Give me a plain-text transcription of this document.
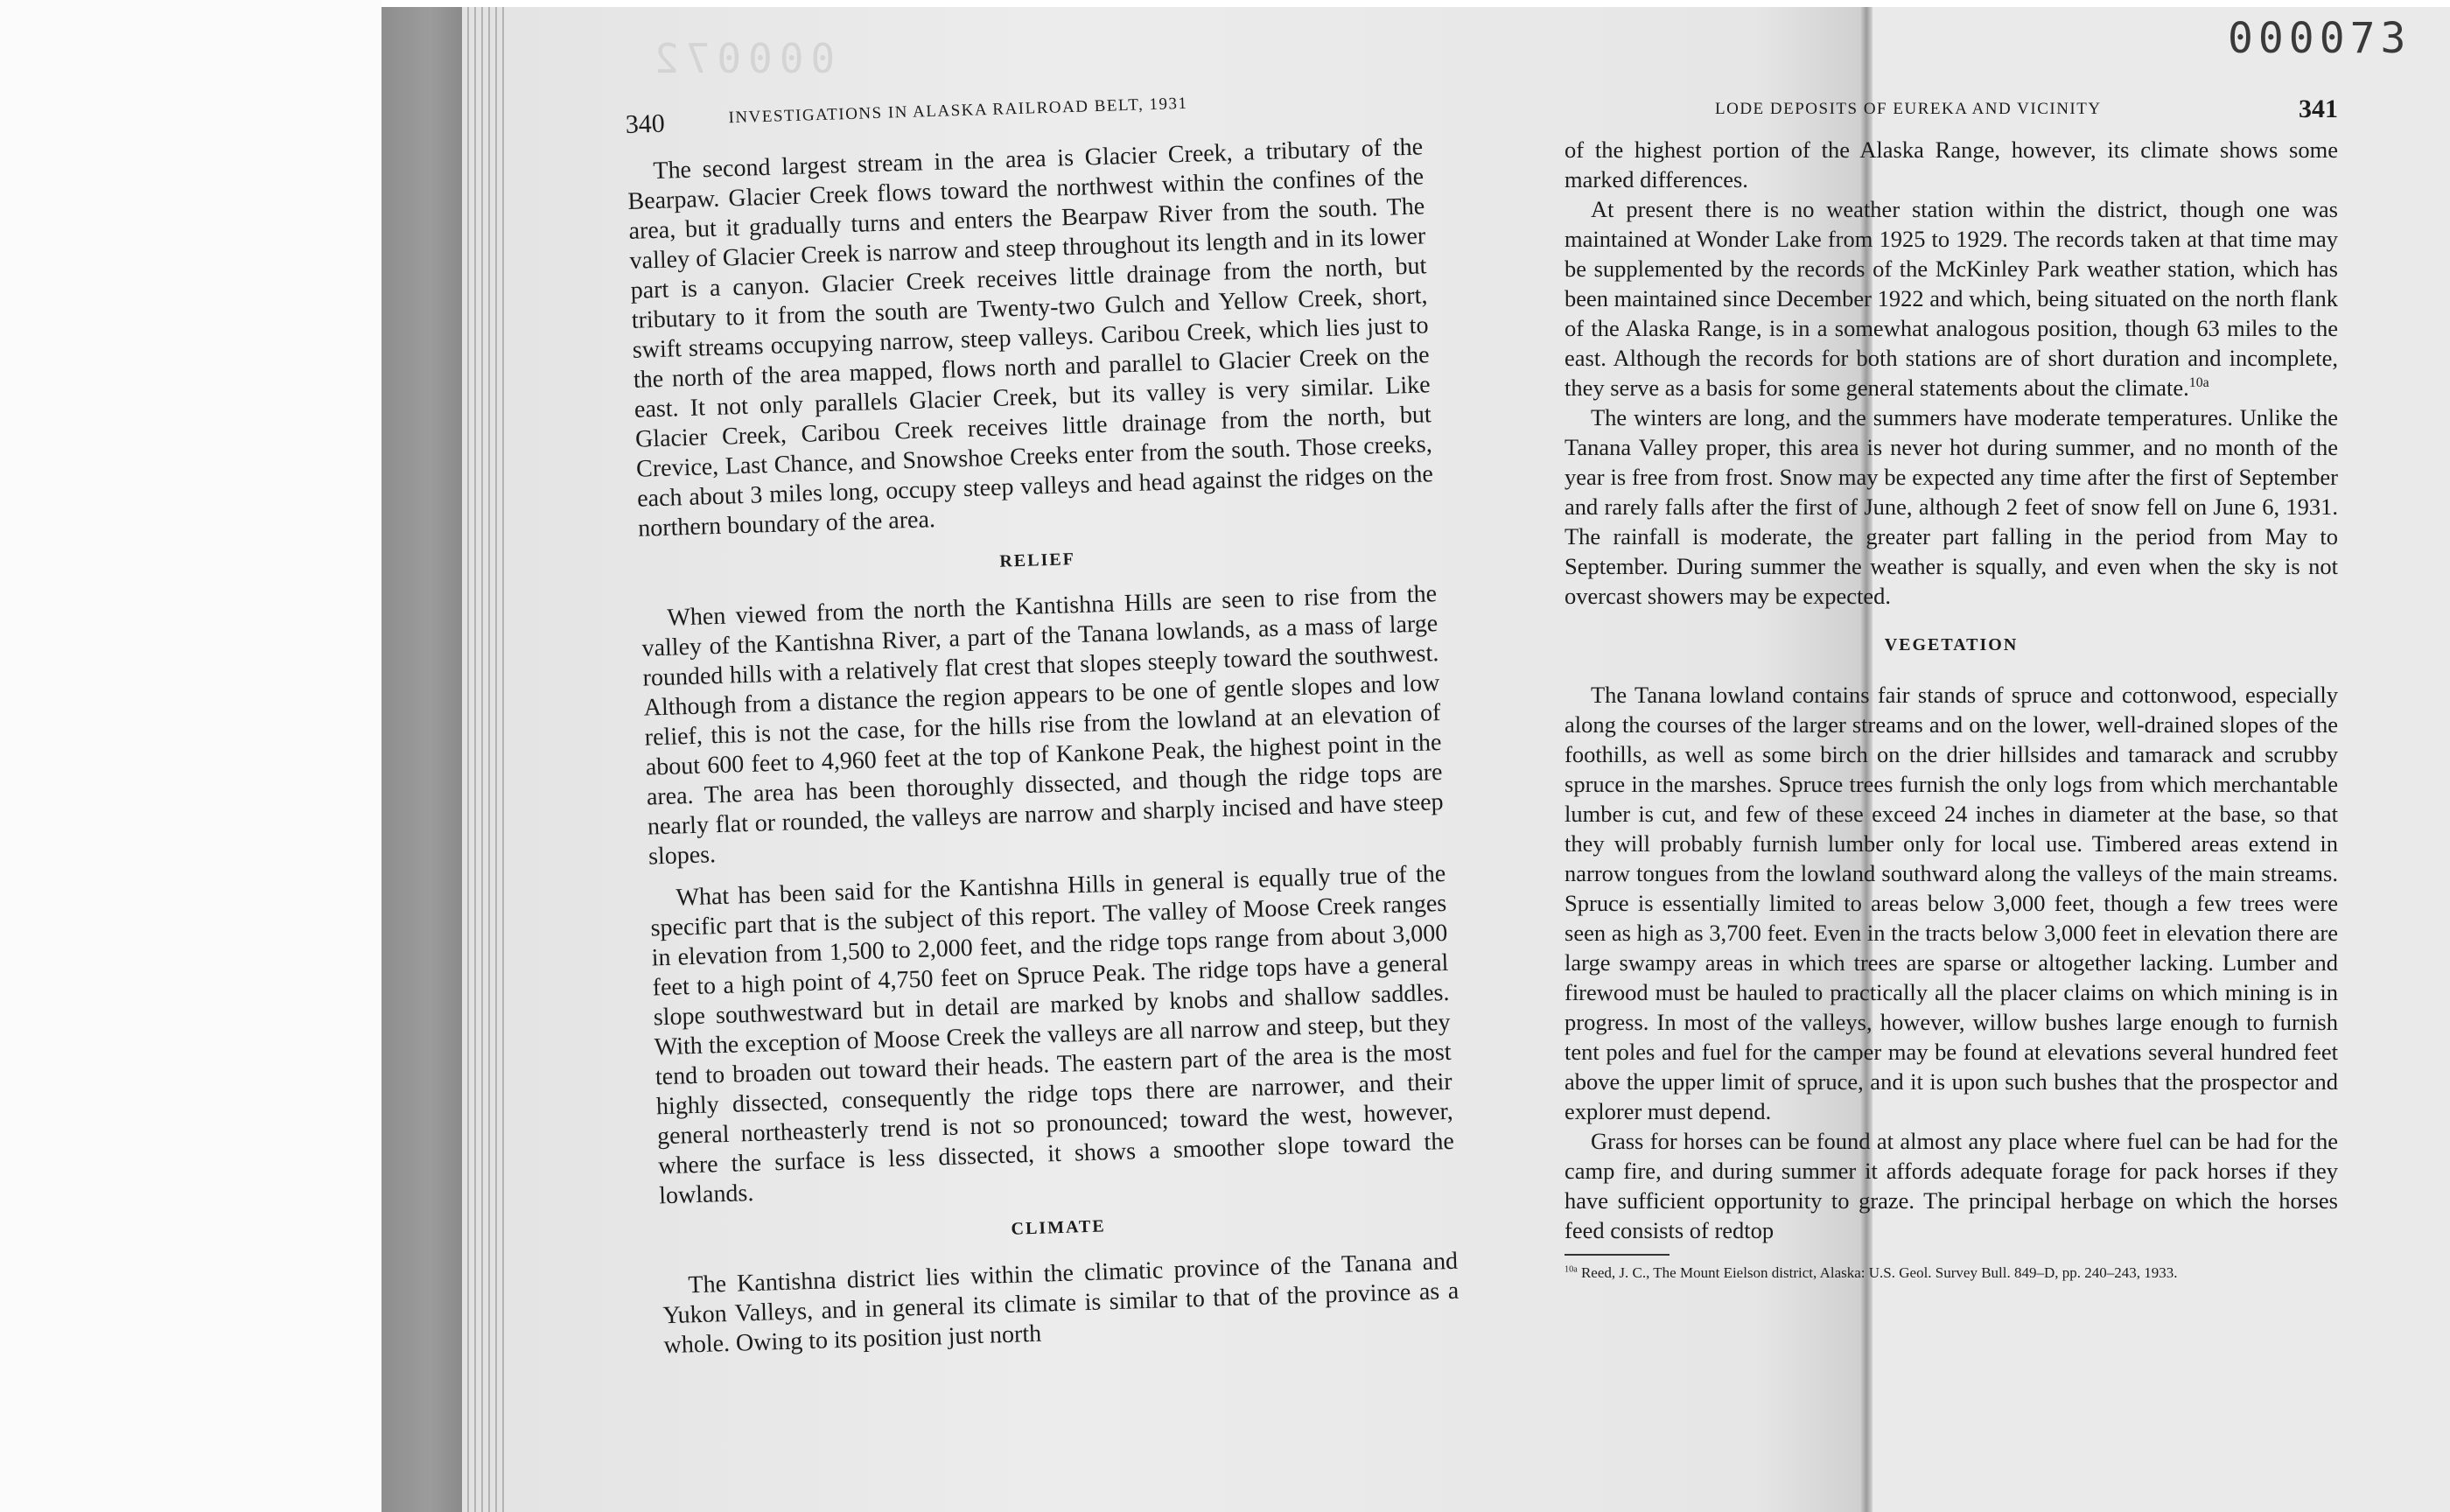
000072	000073
340	INVESTIGATIONS IN ALASKA RAILROAD BELT, 1931

The second largest stream in the area is Glacier Creek, a tributary of the Bearpaw. Glacier Creek flows toward the northwest within the confines of the area, but it gradually turns and enters the Bearpaw River from the south. The valley of Glacier Creek is narrow and steep throughout its length and in its lower part is a canyon. Glacier Creek receives little drainage from the north, but tributary to it from the south are Twenty-two Gulch and Yellow Creek, short, swift streams occupying narrow, steep valleys. Caribou Creek, which lies just to the north of the area mapped, flows north and parallel to Glacier Creek on the east. It not only parallels Glacier Creek, but its valley is very similar. Like Glacier Creek, Caribou Creek receives little drainage from the north, but Crevice, Last Chance, and Snowshoe Creeks enter from the south. Those creeks, each about 3 miles long, occupy steep valleys and head against the ridges on the northern boundary of the area.

RELIEF

When viewed from the north the Kantishna Hills are seen to rise from the valley of the Kantishna River, a part of the Tanana lowlands, as a mass of large rounded hills with a relatively flat crest that slopes steeply toward the southwest. Although from a distance the region appears to be one of gentle slopes and low relief, this is not the case, for the hills rise from the lowland at an elevation of about 600 feet to 4,960 feet at the top of Kankone Peak, the highest point in the area. The area has been thoroughly dissected, and though the ridge tops are nearly flat or rounded, the valleys are narrow and sharply incised and have steep slopes.

What has been said for the Kantishna Hills in general is equally true of the specific part that is the subject of this report. The valley of Moose Creek ranges in elevation from 1,500 to 2,000 feet, and the ridge tops range from about 3,000 feet to a high point of 4,750 feet on Spruce Peak. The ridge tops have a general slope southwestward but in detail are marked by knobs and shallow saddles. With the exception of Moose Creek the valleys are all narrow and steep, but they tend to broaden out toward their heads. The eastern part of the area is the most highly dissected, consequently the ridge tops there are narrower, and their general northeasterly trend is not so pronounced; toward the west, however, where the surface is less dissected, it shows a smoother slope toward the lowlands.

CLIMATE

The Kantishna district lies within the climatic province of the Tanana and Yukon Valleys, and in general its climate is similar to that of the province as a whole. Owing to its position just north

LODE DEPOSITS OF EUREKA AND VICINITY	341

of the highest portion of the Alaska Range, however, its climate shows some marked differences.

At present there is no weather station within the district, though one was maintained at Wonder Lake from 1925 to 1929. The records taken at that time may be supplemented by the records of the McKinley Park weather station, which has been maintained since December 1922 and which, being situated on the north flank of the Alaska Range, is in a somewhat analogous position, though 63 miles to the east. Although the records for both stations are of short duration and incomplete, they serve as a basis for some general statements about the climate.$^{10a}$

The winters are long, and the summers have moderate temperatures. Unlike the Tanana Valley proper, this area is never hot during summer, and no month of the year is free from frost. Snow may be expected any time after the first of September and rarely falls after the first of June, although 2 feet of snow fell on June 6, 1931. The rainfall is moderate, the greater part falling in the period from May to September. During summer the weather is squally, and even when the sky is not overcast showers may be expected.

VEGETATION

The Tanana lowland contains fair stands of spruce and cottonwood, especially along the courses of the larger streams and on the lower, well-drained slopes of the foothills, as well as some birch on the drier hillsides and tamarack and scrubby spruce in the marshes. Spruce trees furnish the only logs from which merchantable lumber is cut, and few of these exceed 24 inches in diameter at the base, so that they will probably furnish lumber only for local use. Timbered areas extend in narrow tongues from the lowland southward along the valleys of the main streams. Spruce is essentially limited to areas below 3,000 feet, though a few trees were seen as high as 3,700 feet. Even in the tracts below 3,000 feet in elevation there are large swampy areas in which trees are sparse or altogether lacking. Lumber and firewood must be hauled to practically all the placer claims on which mining is in progress. In most of the valleys, however, willow bushes large enough to furnish tent poles and fuel for the camper may be found at elevations several hundred feet above the upper limit of spruce, and it is upon such bushes that the prospector and explorer must depend.

Grass for horses can be found at almost any place where fuel can be had for the camp fire, and during summer it affords adequate forage for pack horses if they have sufficient opportunity to graze. The principal herbage on which the horses feed consists of redtop

$^{10a}$ Reed, J. C., The Mount Eielson district, Alaska: U.S. Geol. Survey Bull. 849–D, pp. 240–243, 1933.
